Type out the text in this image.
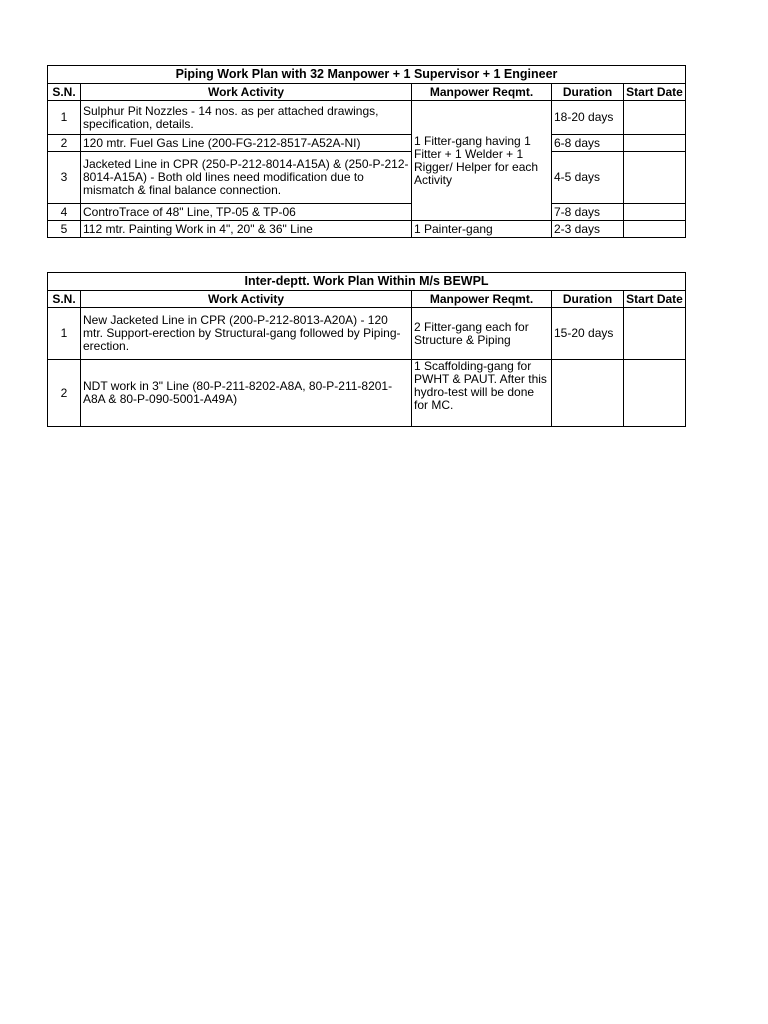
Piping Work Plan with 32 Manpower + 1 Supervisor + 1 Engineer				
S.N.	Work Activity	Manpower Reqmt.	Duration	Start Date
1	Sulphur Pit Nozzles - 14 nos. as per attached drawings, specification, details.	1 Fitter-gang having 1 Fitter + 1 Welder + 1 Rigger/ Helper for each Activity	18-20 days	
2	120 mtr. Fuel Gas Line (200-FG-212-8517-A52A-NI)		6-8 days	
3	Jacketed Line in CPR (250-P-212-8014-A15A) & (250-P-212-8014-A15A) - Both old lines need modification due to mismatch & final balance connection.		4-5 days	
4	ControTrace of 48" Line, TP-05 & TP-06		7-8 days	
5	112 mtr. Painting Work in 4", 20" & 36" Line	1 Painter-gang	2-3 days	
Inter-deptt. Work Plan Within M/s BEWPL				
S.N.	Work Activity	Manpower Reqmt.	Duration	Start Date
1	New Jacketed Line in CPR (200-P-212-8013-A20A) - 120 mtr. Support-erection by Structural-gang followed by Piping-erection.	2 Fitter-gang each for Structure & Piping	15-20 days	
2	NDT work in 3" Line (80-P-211-8202-A8A, 80-P-211-8201-A8A & 80-P-090-5001-A49A)	1 Scaffolding-gang for PWHT & PAUT. After this hydro-test will be done for MC.		
